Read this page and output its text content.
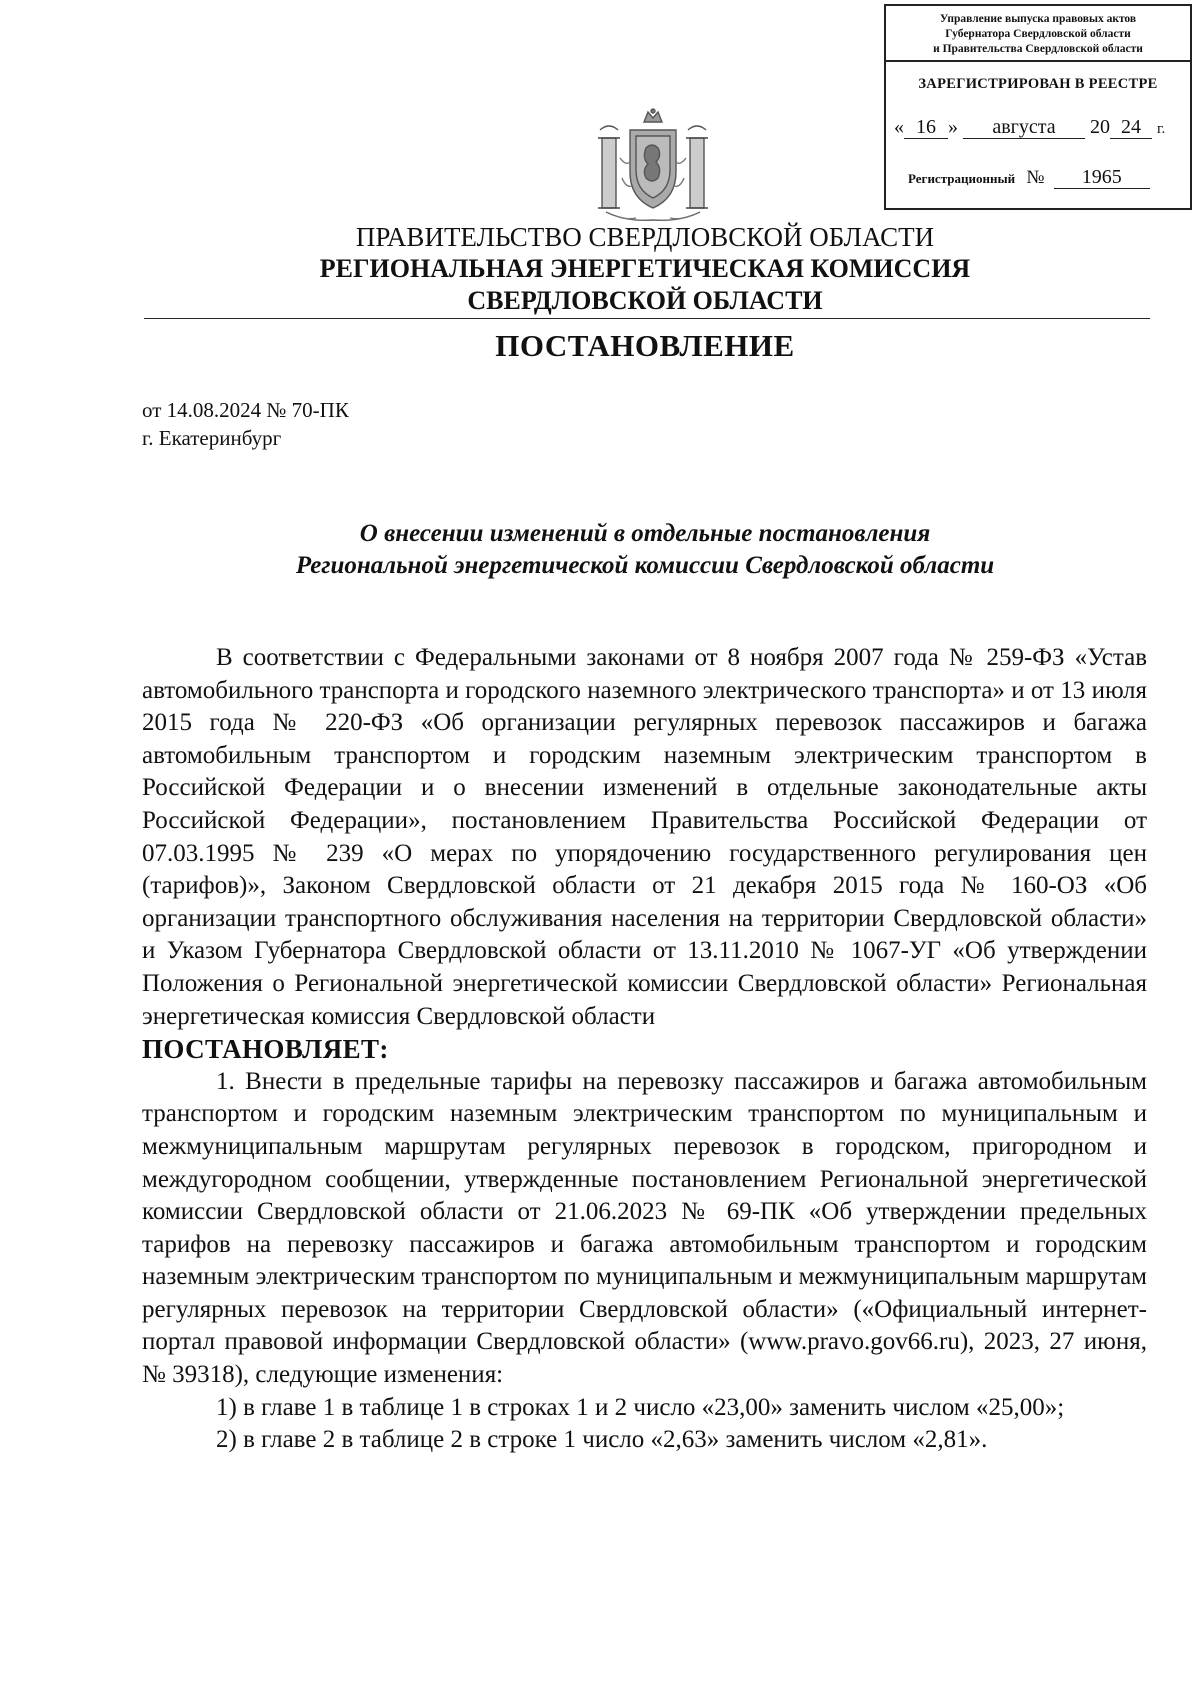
Управление выпуска правовых актов
Губернатора Свердловской области
и Правительства Свердловской области
ЗАРЕГИСТРИРОВАН В РЕЕСТРЕ
« 16 » августа 20 24 г.
Регистрационный № 1965
ПРАВИТЕЛЬСТВО СВЕРДЛОВСКОЙ ОБЛАСТИ
РЕГИОНАЛЬНАЯ ЭНЕРГЕТИЧЕСКАЯ КОМИССИЯ
СВЕРДЛОВСКОЙ ОБЛАСТИ
ПОСТАНОВЛЕНИЕ
от 14.08.2024 № 70-ПК
г. Екатеринбург
О внесении изменений в отдельные постановления
Региональной энергетической комиссии Свердловской области

В соответствии с Федеральными законами от 8 ноября 2007 года № 259-ФЗ «Устав автомобильного транспорта и городского наземного электрического транспорта» и от 13 июля 2015 года № 220-ФЗ «Об организации регулярных перевозок пассажиров и багажа автомобильным транспортом и городским наземным электрическим транспортом в Российской Федерации и о внесении изменений в отдельные законодательные акты Российской Федерации», постановлением Правительства Российской Федерации от 07.03.1995 № 239 «О мерах по упорядочению государственного регулирования цен (тарифов)», Законом Свердловской области от 21 декабря 2015 года № 160-ОЗ «Об организации транспортного обслуживания населения на территории Свердловской области» и Указом Губернатора Свердловской области от 13.11.2010 № 1067-УГ «Об утверждении Положения о Региональной энергетической комиссии Свердловской области» Региональная энергетическая комиссия Свердловской области

ПОСТАНОВЛЯЕТ:

1. Внести в предельные тарифы на перевозку пассажиров и багажа автомобильным транспортом и городским наземным электрическим транспортом по муниципальным и межмуниципальным маршрутам регулярных перевозок в городском, пригородном и междугородном сообщении, утвержденные постановлением Региональной энергетической комиссии Свердловской области от 21.06.2023 № 69-ПК «Об утверждении предельных тарифов на перевозку пассажиров и багажа автомобильным транспортом и городским наземным электрическим транспортом по муниципальным и межмуниципальным маршрутам регулярных перевозок на территории Свердловской области» («Официальный интернет-портал правовой информации Свердловской области» (www.pravo.gov66.ru), 2023, 27 июня, № 39318), следующие изменения:

1) в главе 1 в таблице 1 в строках 1 и 2 число «23,00» заменить числом «25,00»;

2) в главе 2 в таблице 2 в строке 1 число «2,63» заменить числом «2,81».
